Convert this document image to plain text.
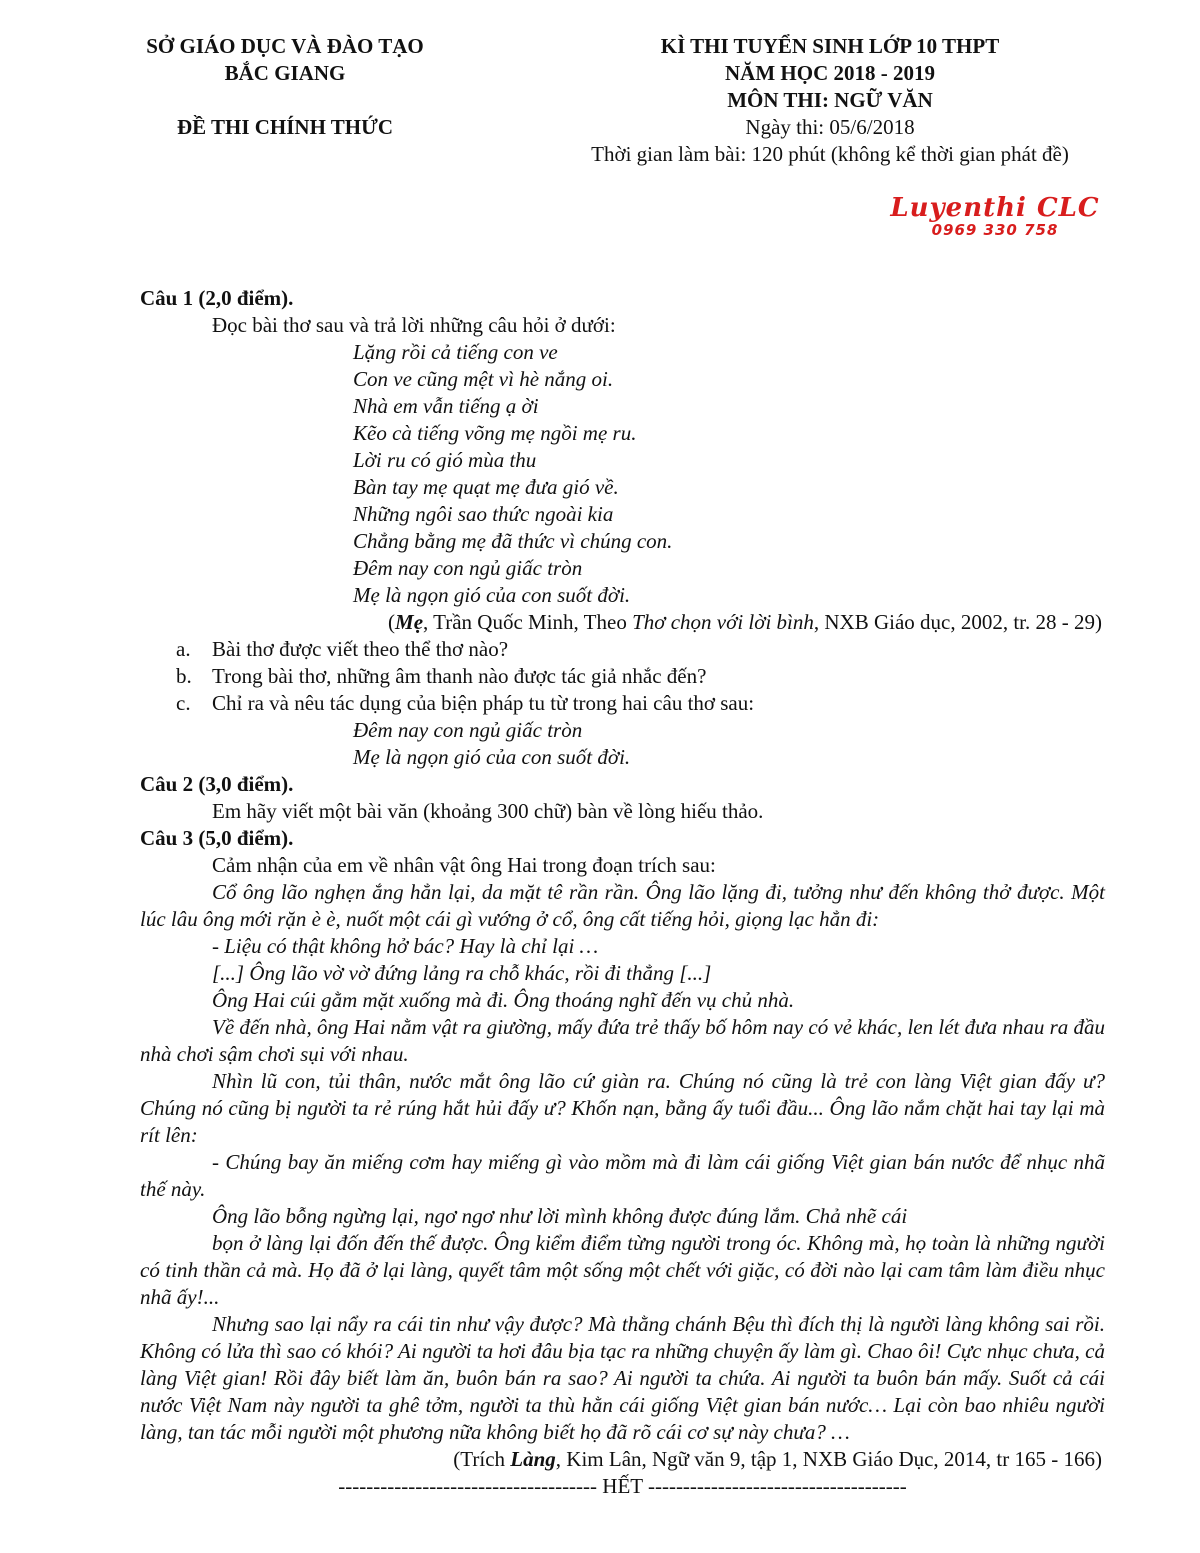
SỞ GIÁO DỤC VÀ ĐÀO TẠO
BẮC GIANG
ĐỀ THI CHÍNH THỨC
KÌ THI TUYỂN SINH LỚP 10 THPT
NĂM HỌC 2018 - 2019
MÔN THI: NGỮ VĂN
Ngày thi: 05/6/2018
Thời gian làm bài: 120 phút (không kể thời gian phát đề)
Luyenthi CLC
0969 330 758
Câu 1 (2,0 điểm).
Đọc bài thơ sau và trả lời những câu hỏi ở dưới:
Lặng rồi cả tiếng con ve
Con ve cũng mệt vì hè nắng oi.
Nhà em vẫn tiếng ạ ời
Kẽo cà tiếng võng mẹ ngồi mẹ ru.
Lời ru có gió mùa thu
Bàn tay mẹ quạt mẹ đưa gió về.
Những ngôi sao thức ngoài kia
Chẳng bằng mẹ đã thức vì chúng con.
Đêm nay con ngủ giấc tròn
Mẹ là ngọn gió của con suốt đời.
(Mẹ, Trần Quốc Minh, Theo Thơ chọn với lời bình, NXB Giáo dục, 2002, tr. 28 - 29)
a.	Bài thơ được viết theo thể thơ nào?
b. Trong bài thơ, những âm thanh nào được tác giả nhắc đến?
c.	Chỉ ra và nêu tác dụng của biện pháp tu từ trong hai câu thơ sau:
Đêm nay con ngủ giấc tròn
Mẹ là ngọn gió của con suốt đời.
Câu 2 (3,0 điểm).
Em hãy viết một bài văn (khoảng 300 chữ) bàn về lòng hiếu thảo.
Câu 3 (5,0 điểm).
Cảm nhận của em về nhân vật ông Hai trong đoạn trích sau:
Cổ ông lão nghẹn ắng hẳn lại, da mặt tê rần rần. Ông lão lặng đi, tưởng như đến không thở được. Một lúc lâu ông mới rặn è è, nuốt một cái gì vướng ở cổ, ông cất tiếng hỏi, giọng lạc hẳn đi:
- Liệu có thật không hở bác? Hay là chỉ lại …
[...] Ông lão vờ vờ đứng lảng ra chỗ khác, rồi đi thẳng [...]
Ông Hai cúi gằm mặt xuống mà đi. Ông thoáng nghĩ đến vụ chủ nhà.
Về đến nhà, ông Hai nằm vật ra giường, mấy đứa trẻ thấy bố hôm nay có vẻ khác, len lét đưa nhau ra đầu nhà chơi sậm chơi sụi với nhau.
Nhìn lũ con, tủi thân, nước mắt ông lão cứ giàn ra. Chúng nó cũng là trẻ con làng Việt gian đấy ư? Chúng nó cũng bị người ta rẻ rúng hắt hủi đấy ư? Khốn nạn, bằng ấy tuổi đầu... Ông lão nắm chặt hai tay lại mà rít lên:
- Chúng bay ăn miếng cơm hay miếng gì vào mồm mà đi làm cái giống Việt gian bán nước để nhục nhã thế này.
Ông lão bỗng ngừng lại, ngơ ngơ như lời mình không được đúng lắm. Chả nhẽ cái
bọn ở làng lại đốn đến thế được. Ông kiểm điểm từng người trong óc. Không mà, họ toàn là những người có tinh thần cả mà. Họ đã ở lại làng, quyết tâm một sống một chết với giặc, có đời nào lại cam tâm làm điều nhục nhã ấy!...
Nhưng sao lại nẩy ra cái tin như vậy được? Mà thằng chánh Bệu thì đích thị là người làng không sai rồi. Không có lửa thì sao có khói? Ai người ta hơi đâu bịa tạc ra những chuyện ấy làm gì. Chao ôi! Cực nhục chưa, cả làng Việt gian! Rồi đây biết làm ăn, buôn bán ra sao? Ai người ta chứa. Ai người ta buôn bán mấy. Suốt cả cái nước Việt Nam này người ta ghê tởm, người ta thù hằn cái giống Việt gian bán nước… Lại còn bao nhiêu người làng, tan tác mỗi người một phương nữa không biết họ đã rõ cái cơ sự này chưa? …
(Trích Làng, Kim Lân, Ngữ văn 9, tập 1, NXB Giáo Dục, 2014, tr 165 - 166)
------------------------------------- HẾT -------------------------------------
